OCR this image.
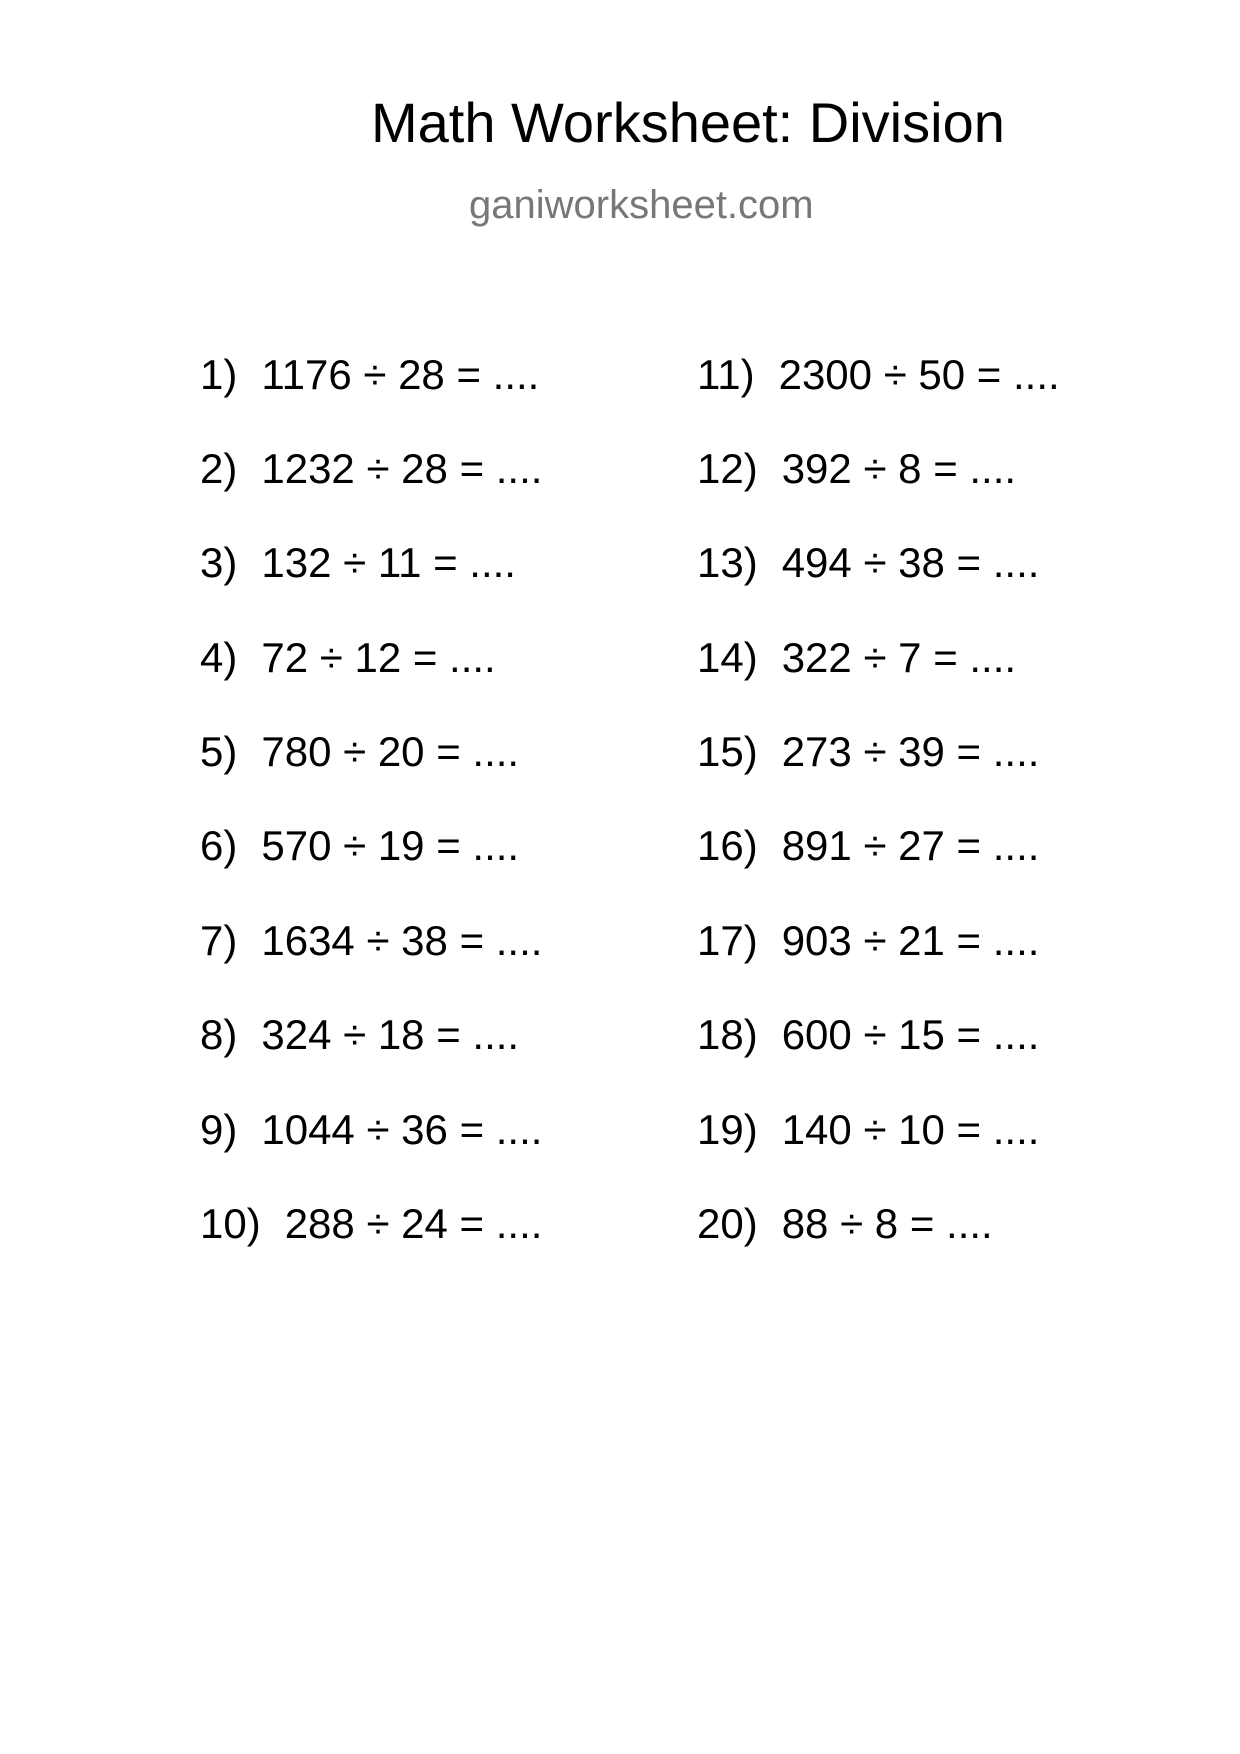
Math Worksheet: Division
ganiworksheet.com
1) 1176 ÷ 28 = ....
2) 1232 ÷ 28 = ....
3) 132 ÷ 11 = ....
4) 72 ÷ 12 = ....
5) 780 ÷ 20 = ....
6) 570 ÷ 19 = ....
7) 1634 ÷ 38 = ....
8) 324 ÷ 18 = ....
9) 1044 ÷ 36 = ....
10) 288 ÷ 24 = ....
11) 2300 ÷ 50 = ....
12) 392 ÷ 8 = ....
13) 494 ÷ 38 = ....
14) 322 ÷ 7 = ....
15) 273 ÷ 39 = ....
16) 891 ÷ 27 = ....
17) 903 ÷ 21 = ....
18) 600 ÷ 15 = ....
19) 140 ÷ 10 = ....
20) 88 ÷ 8 = ....
